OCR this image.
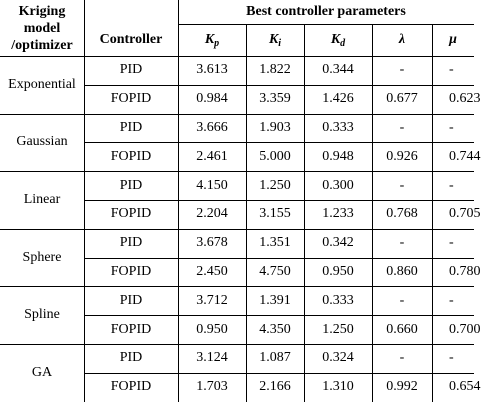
Kriging
model
/optimizer	Controller
Best controller parameters
K p	K i	K d	λ	μ
Exponential
PID	3.613	1.822	0.344	-	-
FOPID	0.984	3.359	1.426	0.677	0.623
Gaussian
PID	3.666	1.903	0.333	-	-
FOPID	2.461	5.000	0.948	0.926	0.744
Linear
PID	4.150	1.250	0.300	-	-
FOPID	2.204	3.155	1.233	0.768	0.705
Sphere
PID	3.678	1.351	0.342	-	-
FOPID	2.450	4.750	0.950	0.860	0.780
Spline
PID	3.712	1.391	0.333	-	-
FOPID	0.950	4.350	1.250	0.660	0.700
GA
PID	3.124	1.087	0.324	-	-
FOPID	1.703	2.166	1.310	0.992	0.654
